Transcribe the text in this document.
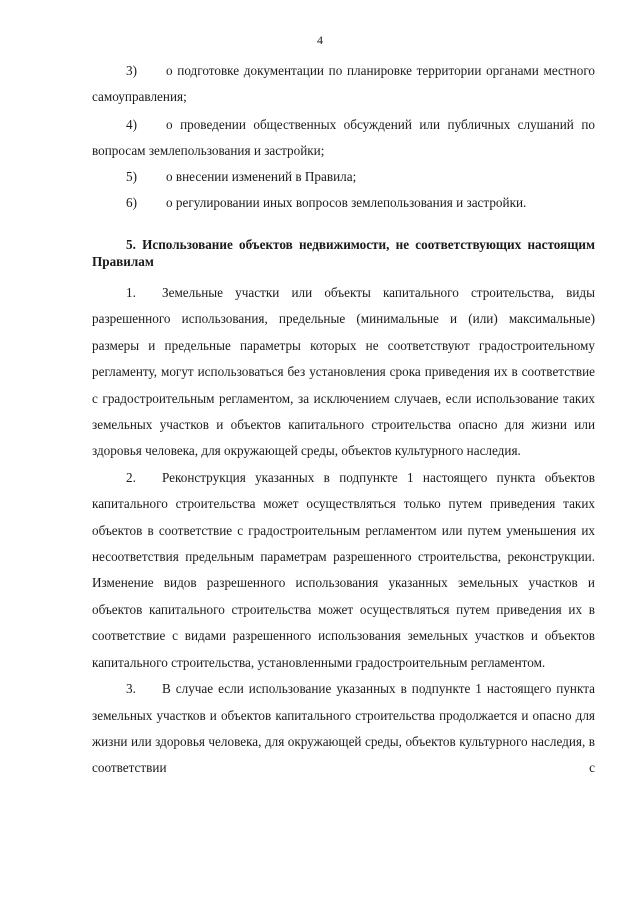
4
3) о подготовке документации по планировке территории органами местного самоуправления;
4) о проведении общественных обсуждений или публичных слушаний по вопросам землепользования и застройки;
5) о внесении изменений в Правила;
6) о регулировании иных вопросов землепользования и застройки.
5. Использование объектов недвижимости, не соответствующих настоящим Правилам
1. Земельные участки или объекты капитального строительства, виды разрешенного использования, предельные (минимальные и (или) максимальные) размеры и предельные параметры которых не соответствуют градостроительному регламенту, могут использоваться без установления срока приведения их в соответствие с градостроительным регламентом, за исключением случаев, если использование таких земельных участков и объектов капитального строительства опасно для жизни или здоровья человека, для окружающей среды, объектов культурного наследия.
2. Реконструкция указанных в подпункте 1 настоящего пункта объектов капитального строительства может осуществляться только путем приведения таких объектов в соответствие с градостроительным регламентом или путем уменьшения их несоответствия предельным параметрам разрешенного строительства, реконструкции. Изменение видов разрешенного использования указанных земельных участков и объектов капитального строительства может осуществляться путем приведения их в соответствие с видами разрешенного использования земельных участков и объектов капитального строительства, установленными градостроительным регламентом.
3. В случае если использование указанных в подпункте 1 настоящего пункта земельных участков и объектов капитального строительства продолжается и опасно для жизни или здоровья человека, для окружающей среды, объектов культурного наследия, в соответствии с
